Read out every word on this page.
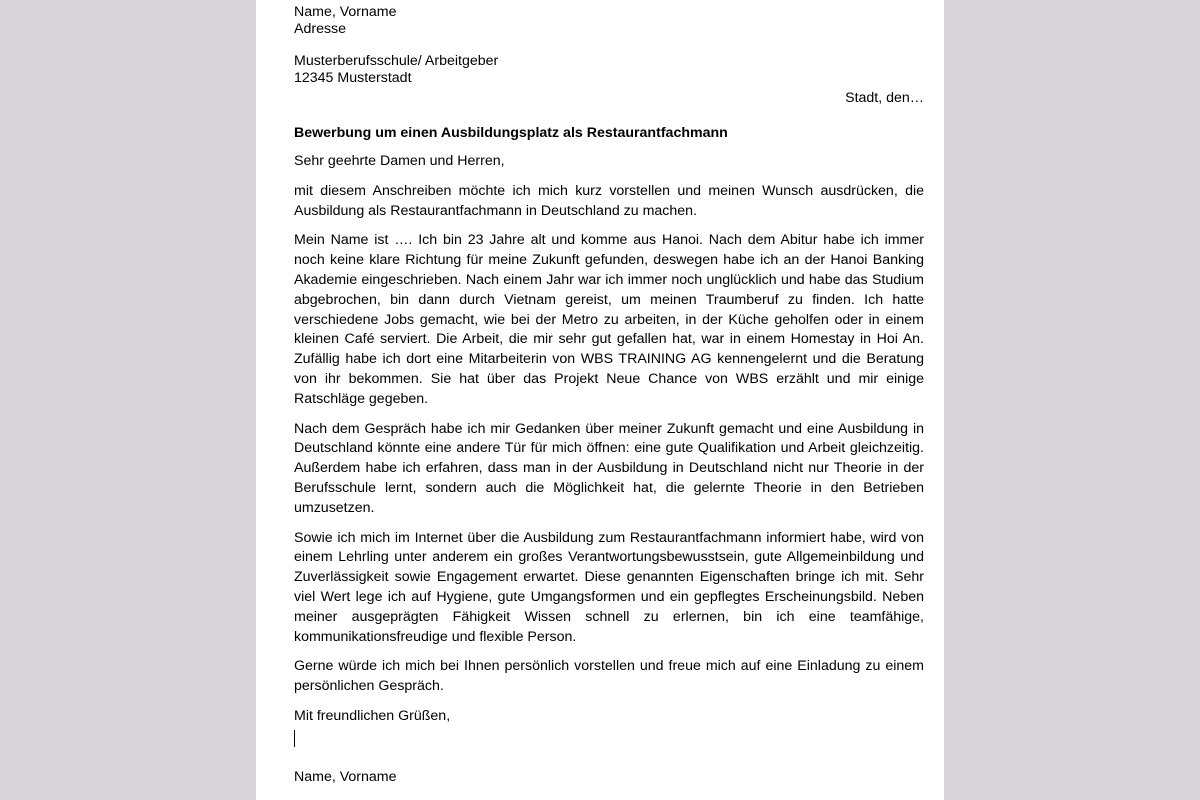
Name, Vorname
Adresse
Musterberufsschule/ Arbeitgeber
12345 Musterstadt
Stadt, den…
Bewerbung um einen Ausbildungsplatz als Restaurantfachmann

Sehr geehrte Damen und Herren,

mit diesem Anschreiben möchte ich mich kurz vorstellen und meinen Wunsch ausdrücken, die Ausbildung als Restaurantfachmann in Deutschland zu machen.

Mein Name ist …. Ich bin 23 Jahre alt und komme aus Hanoi. Nach dem Abitur habe ich immer noch keine klare Richtung für meine Zukunft gefunden, deswegen habe ich an der Hanoi Banking Akademie eingeschrieben. Nach einem Jahr war ich immer noch unglücklich und habe das Studium abgebrochen, bin dann durch Vietnam gereist, um meinen Traumberuf zu finden. Ich hatte verschiedene Jobs gemacht, wie bei der Metro zu arbeiten, in der Küche geholfen oder in einem kleinen Café serviert. Die Arbeit, die mir sehr gut gefallen hat, war in einem Homestay in Hoi An. Zufällig habe ich dort eine Mitarbeiterin von WBS TRAINING AG kennengelernt und die Beratung von ihr bekommen. Sie hat über das Projekt Neue Chance von WBS erzählt und mir einige Ratschläge gegeben.

Nach dem Gespräch habe ich mir Gedanken über meiner Zukunft gemacht und eine Ausbildung in Deutschland könnte eine andere Tür für mich öffnen: eine gute Qualifikation und Arbeit gleichzeitig. Außerdem habe ich erfahren, dass man in der Ausbildung in Deutschland nicht nur Theorie in der Berufsschule lernt, sondern auch die Möglichkeit hat, die gelernte Theorie in den Betrieben umzusetzen.

Sowie ich mich im Internet über die Ausbildung zum Restaurantfachmann informiert habe, wird von einem Lehrling unter anderem ein großes Verantwortungsbewusstsein, gute Allgemeinbildung und Zuverlässigkeit sowie Engagement erwartet. Diese genannten Eigenschaften bringe ich mit. Sehr viel Wert lege ich auf Hygiene, gute Umgangsformen und ein gepflegtes Erscheinungsbild. Neben meiner ausgeprägten Fähigkeit Wissen schnell zu erlernen, bin ich eine teamfähige, kommunikationsfreudige und flexible Person.

Gerne würde ich mich bei Ihnen persönlich vorstellen und freue mich auf eine Einladung zu einem persönlichen Gespräch.

Mit freundlichen Grüßen,

Name, Vorname
